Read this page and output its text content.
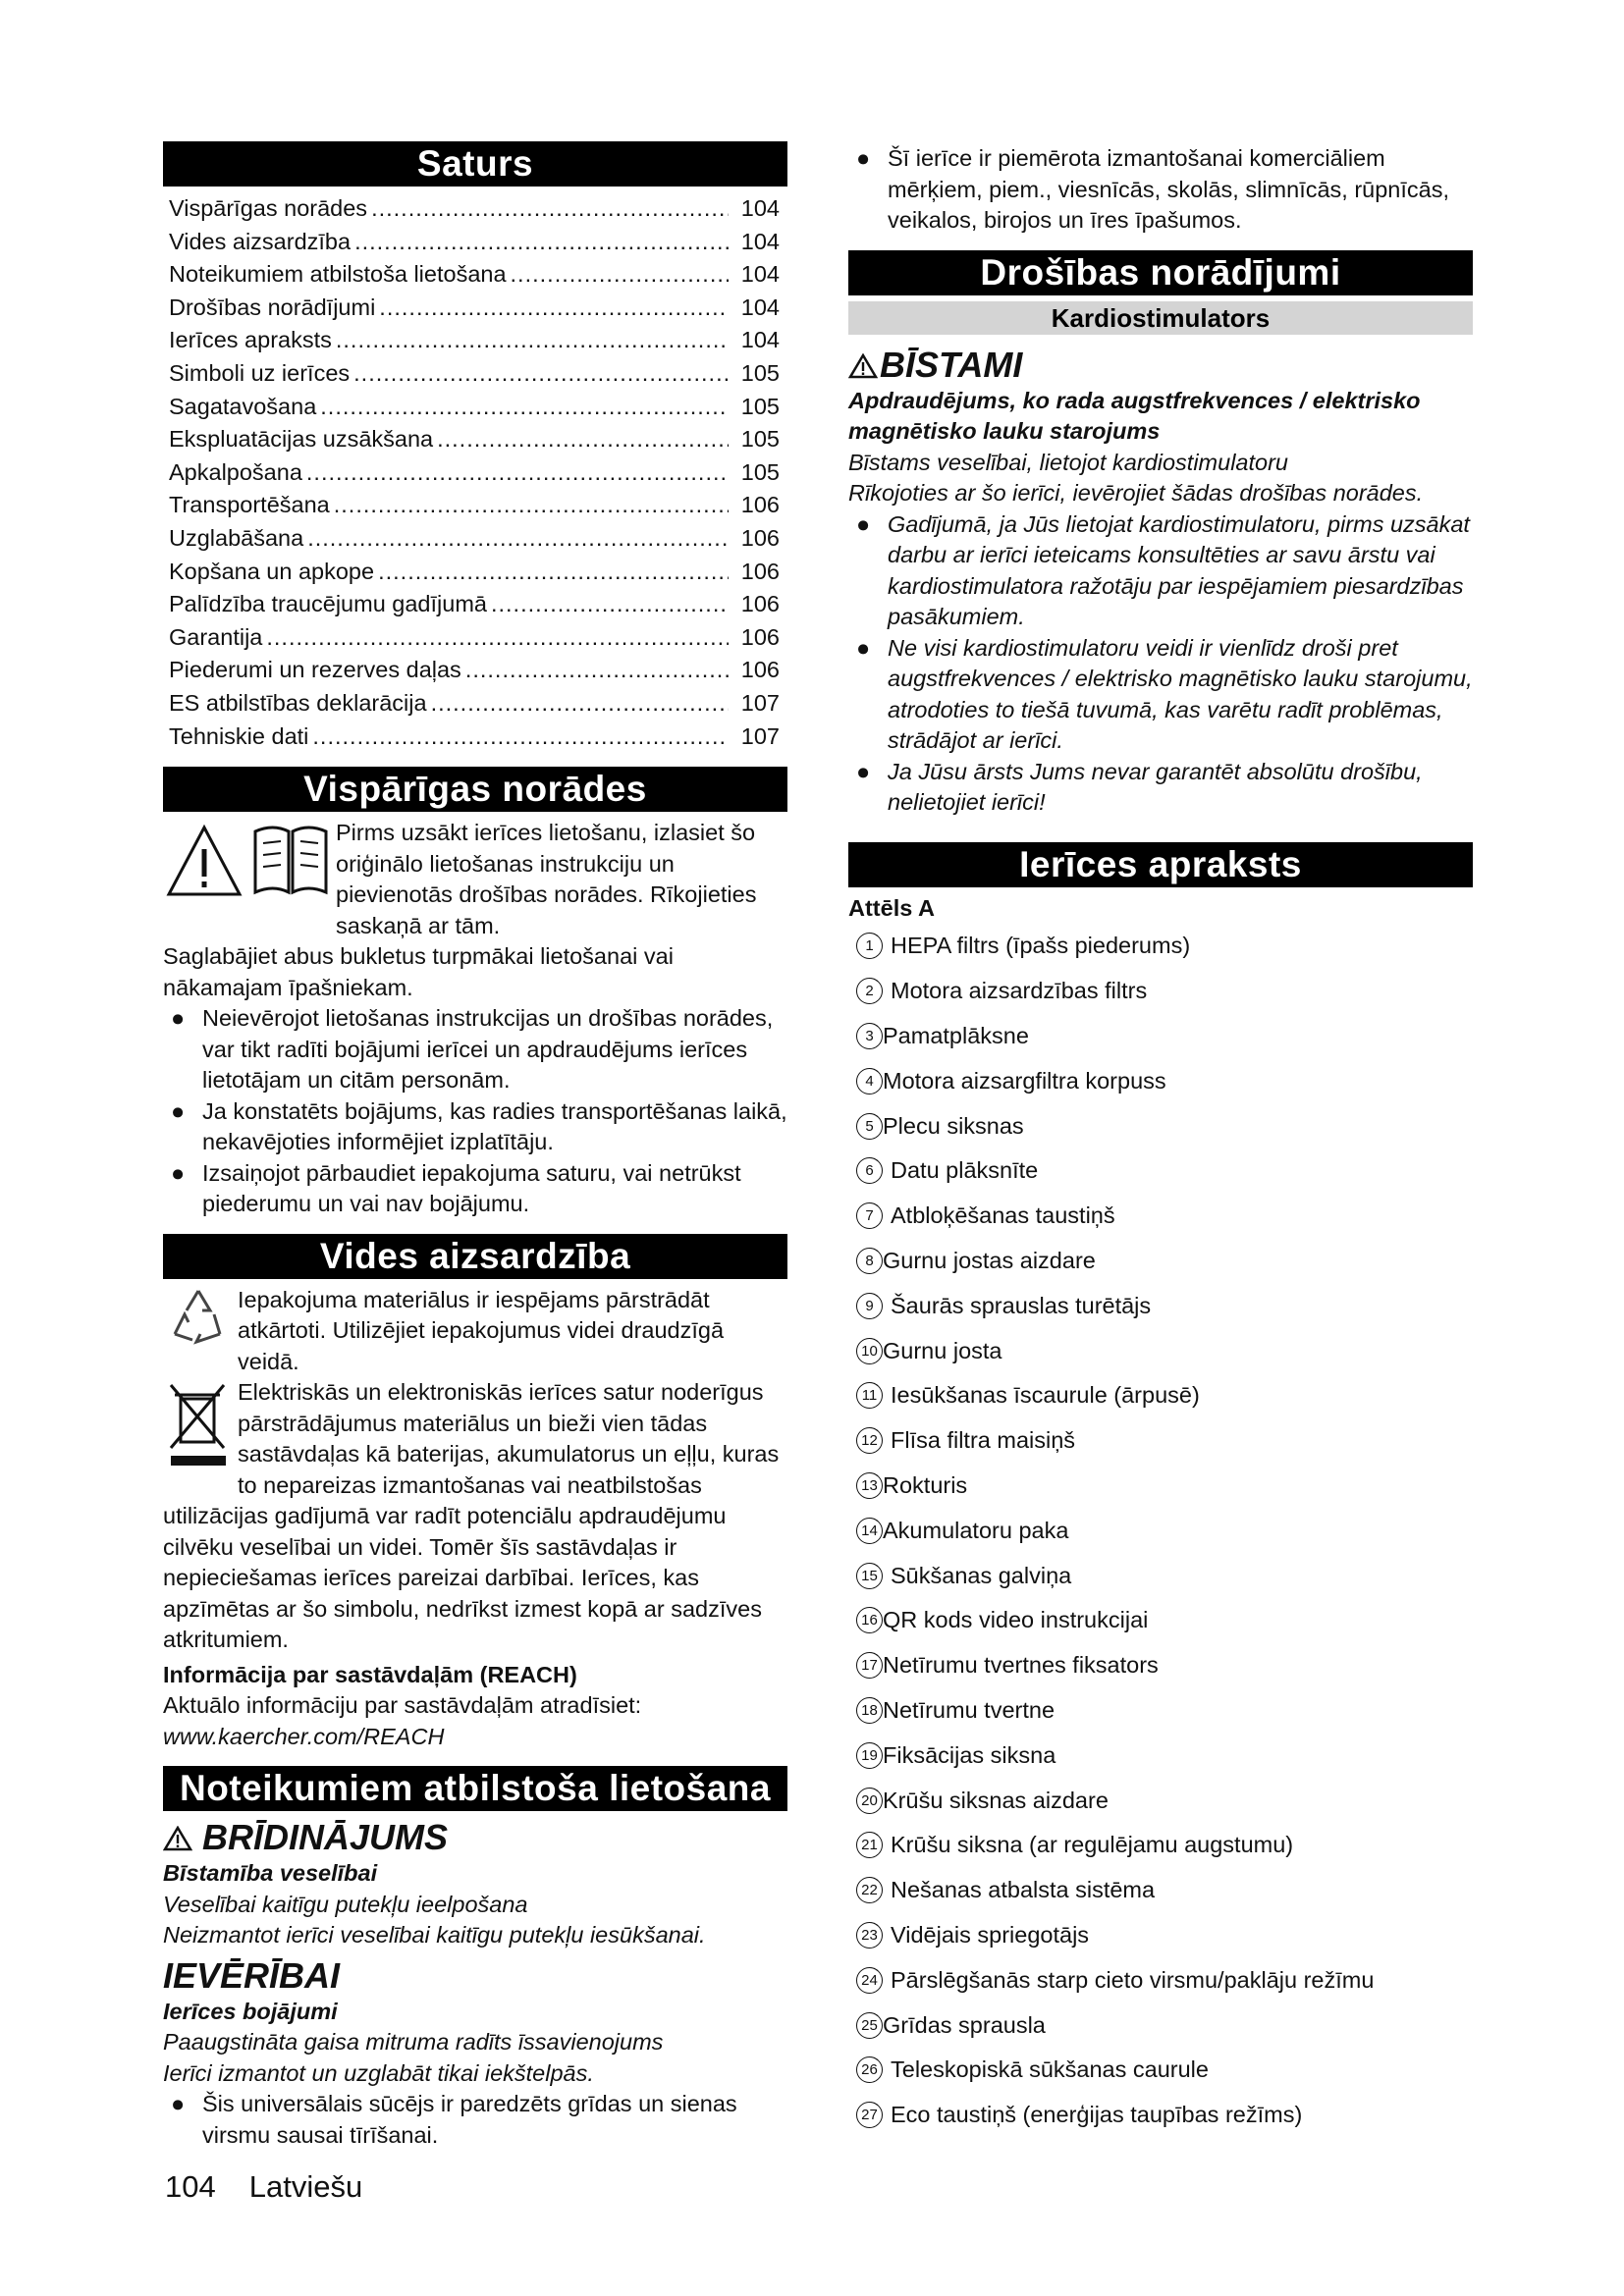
Saturs
Vispārīgas norādes .....	104
Vides aizsardzība .....	104
Noteikumiem atbilstoša lietošana .....	104
Drošības norādījumi .....	104
Ierīces apraksts .....	104
Simboli uz ierīces .....	105
Sagatavošana .....	105
Ekspluatācijas uzsākšana .....	105
Apkalpošana .....	105
Transportēšana .....	106
Uzglabāšana .....	106
Kopšana un apkope .....	106
Palīdzība traucējumu gadījumā .....	106
Garantija .....	106
Piederumi un rezerves daļas .....	106
ES atbilstības deklarācija .....	107
Tehniskie dati .....	107
Vispārīgas norādes

Pirms uzsākt ierīces lietošanu, izlasiet šo oriģinālo lietošanas instrukciju un pievienotās drošības norādes. Rīkojieties saskaņā ar tām.

Saglabājiet abus bukletus turpmākai lietošanai vai nākamajam īpašniekam.

● Neievērojot lietošanas instrukcijas un drošības norādes, var tikt radīti bojājumi ierīcei un apdraudējums ierīces lietotājam un citām personām.
● Ja konstatēts bojājums, kas radies transportēšanas laikā, nekavējoties informējiet izplatītāju.
● Izsaiņojot pārbaudiet iepakojuma saturu, vai netrūkst piederumu un vai nav bojājumu.
Vides aizsardzība

Iepakojuma materiālus ir iespējams pārstrādāt atkārtoti. Utilizējiet iepakojumus videi draudzīgā veidā.

Elektriskās un elektroniskās ierīces satur noderīgus pārstrādājumus materiālus un bieži vien tādas sastāvdaļas kā baterijas, akumulatorus un eļļu, kuras to nepareizas izmantošanas vai neatbilstošas utilizācijas gadījumā var radīt potenciālu apdraudējumu cilvēku veselībai un videi. Tomēr šīs sastāvdaļas ir nepieciešamas ierīces pareizai darbībai. Ierīces, kas apzīmētas ar šo simbolu, nedrīkst izmest kopā ar sadzīves atkritumiem.

Informācija par sastāvdaļām (REACH)

Aktuālo informāciju par sastāvdaļām atradīsiet:

www.kaercher.com/REACH

Noteikumiem atbilstoša lietošana
BRĪDINĀJUMS

Bīstamība veselībai

Veselībai kaitīgu putekļu ieelpošana

Neizmantot ierīci veselībai kaitīgu putekļu iesūkšanai.

IEVĒRĪBAI

Ierīces bojājumi

Paaugstināta gaisa mitruma radīts īssavienojums

Ierīci izmantot un uzglabāt tikai iekštelpās.

● Šis universālais sūcējs ir paredzēts grīdas un sienas virsmu sausai tīrīšanai.
● Šī ierīce ir piemērota izmantošanai komerciāliem mērķiem, piem., viesnīcās, skolās, slimnīcās, rūpnīcās, veikalos, birojos un īres īpašumos.
Drošības norādījumi
Kardiostimulators
BĪSTAMI

Apdraudējums, ko rada augstfrekvences / elektrisko magnētisko lauku starojums

Bīstams veselībai, lietojot kardiostimulatoru

Rīkojoties ar šo ierīci, ievērojiet šādas drošības norādes.

● Gadījumā, ja Jūs lietojat kardiostimulatoru, pirms uzsākat darbu ar ierīci ieteicams konsultēties ar savu ārstu vai kardiostimulatora ražotāju par iespējamiem piesardzības pasākumiem.
● Ne visi kardiostimulatoru veidi ir vienlīdz droši pret augstfrekvences / elektrisko magnētisko lauku starojumu, atrodoties to tiešā tuvumā, kas varētu radīt problēmas, strādājot ar ierīci.
● Ja Jūsu ārsts Jums nevar garantēt absolūtu drošību, nelietojiet ierīci!
Ierīces apraksts

Attēls A

1 HEPA filtrs (īpašs piederums)
2 Motora aizsardzības filtrs
3 Pamatplāksne
4 Motora aizsargfiltra korpuss
5 Plecu siksnas
6 Datu plāksnīte
7 Atbloķēšanas taustiņš
8 Gurnu jostas aizdare
9 Šaurās sprauslas turētājs
10 Gurnu josta
11 Iesūkšanas īscaurule (ārpusē)
12 Flīsa filtra maisiņš
13 Rokturis
14 Akumulatoru paka
15 Sūkšanas galviņa
16 QR kods video instrukcijai
17 Netīrumu tvertnes fiksators
18 Netīrumu tvertne
19 Fiksācijas siksna
20 Krūšu siksnas aizdare
21 Krūšu siksna (ar regulējamu augstumu)
22 Nešanas atbalsta sistēma
23 Vidējais spriegotājs
24 Pārslēgšanās starp cieto virsmu/paklāju režīmu
25 Grīdas sprausla
26 Teleskopiskā sūkšanas caurule
27 Eco taustiņš (enerģijas taupības režīms)
104 Latviešu
